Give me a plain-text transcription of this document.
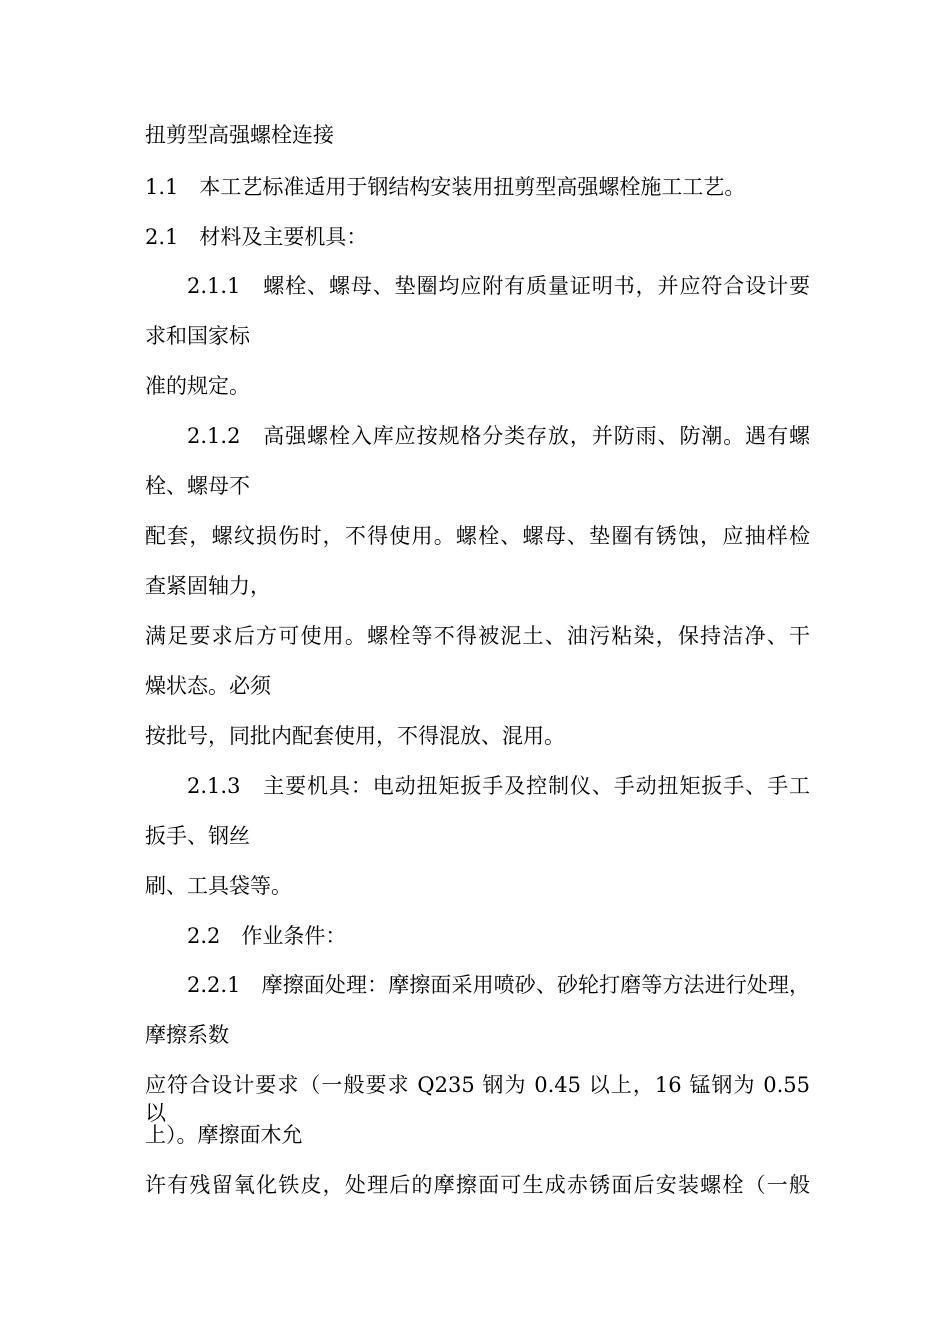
扭剪型高强螺栓连接
1.1　本工艺标准适用于钢结构安装用扭剪型高强螺栓施工工艺。
2.1　材料及主要机具：
2.1.1　螺栓、螺母、垫圈均应附有质量证明书，并应符合设计要
求和国家标
准的规定。
2.1.2　高强螺栓入库应按规格分类存放，并防雨、防潮。遇有螺
栓、螺母不
配套，螺纹损伤时，不得使用。螺栓、螺母、垫圈有锈蚀，应抽样检
查紧固轴力，
满足要求后方可使用。螺栓等不得被泥土、油污粘染，保持洁净、干
燥状态。必须
按批号，同批内配套使用，不得混放、混用。
2.1.3　主要机具：电动扭矩扳手及控制仪、手动扭矩扳手、手工
扳手、钢丝
刷、工具袋等。
2.2　作业条件：
2.2.1　摩擦面处理：摩擦面采用喷砂、砂轮打磨等方法进行处理，
摩擦系数
应符合设计要求（一般要求 Q235 钢为 0.45 以上，16 锰钢为 0.55 以
上）。摩擦面木允
许有残留氧化铁皮，处理后的摩擦面可生成赤锈面后安装螺栓（一般
